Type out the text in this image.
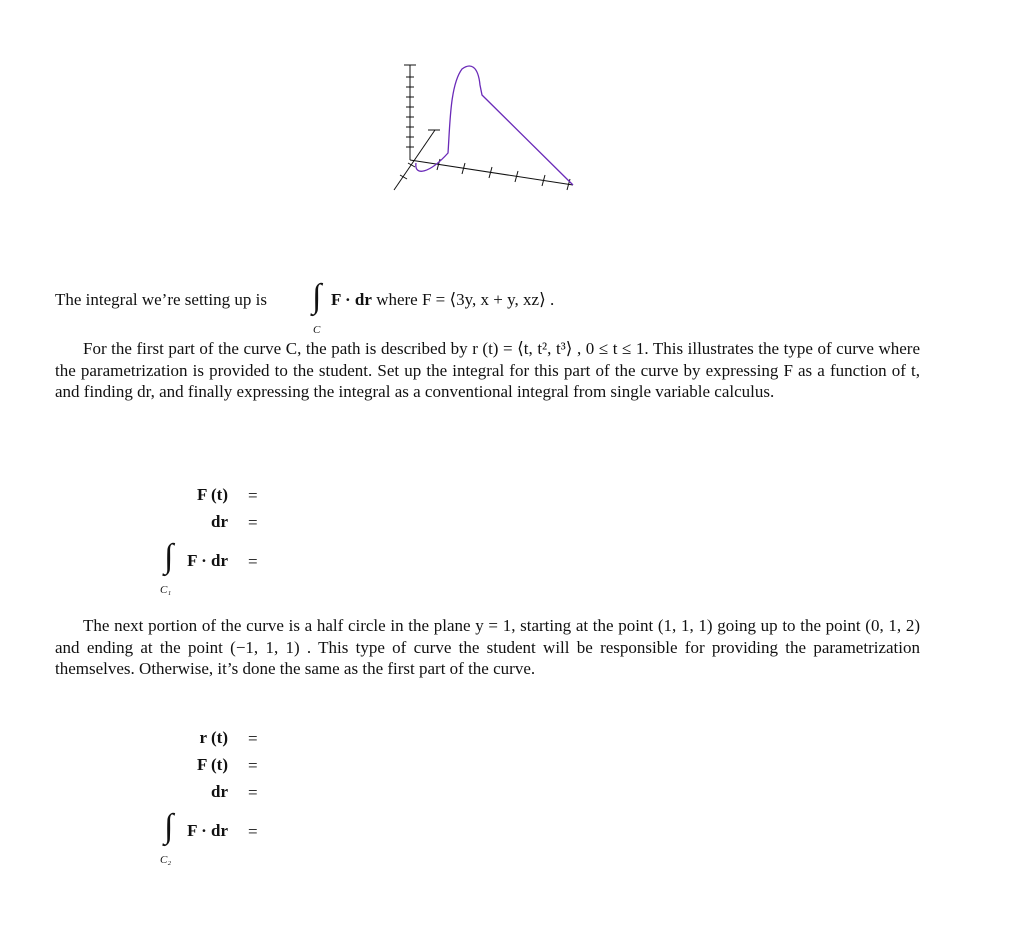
The integral we’re setting up is ∫
C
F · dr where F = ⟨3y, x + y, xz⟩ .
For the first part of the curve C, the path is described by r (t) = ⟨t, t², t³⟩ , 0 ≤ t ≤ 1. This illustrates the type of curve where the parametrization is provided to the student. Set up the integral for this part of the curve by expressing F as a function of t, and finding dr, and finally expressing the integral as a conventional integral from single variable calculus.
F (t) =
dr =
∫
C₁
F · dr =
The next portion of the curve is a half circle in the plane y = 1, starting at the point (1, 1, 1) going up to the point (0, 1, 2) and ending at the point (−1, 1, 1) . This type of curve the student will be responsible for providing the parametrization themselves. Otherwise, it’s done the same as the first part of the curve.
r (t) =
F (t) =
dr =
∫
C₂
F · dr =
